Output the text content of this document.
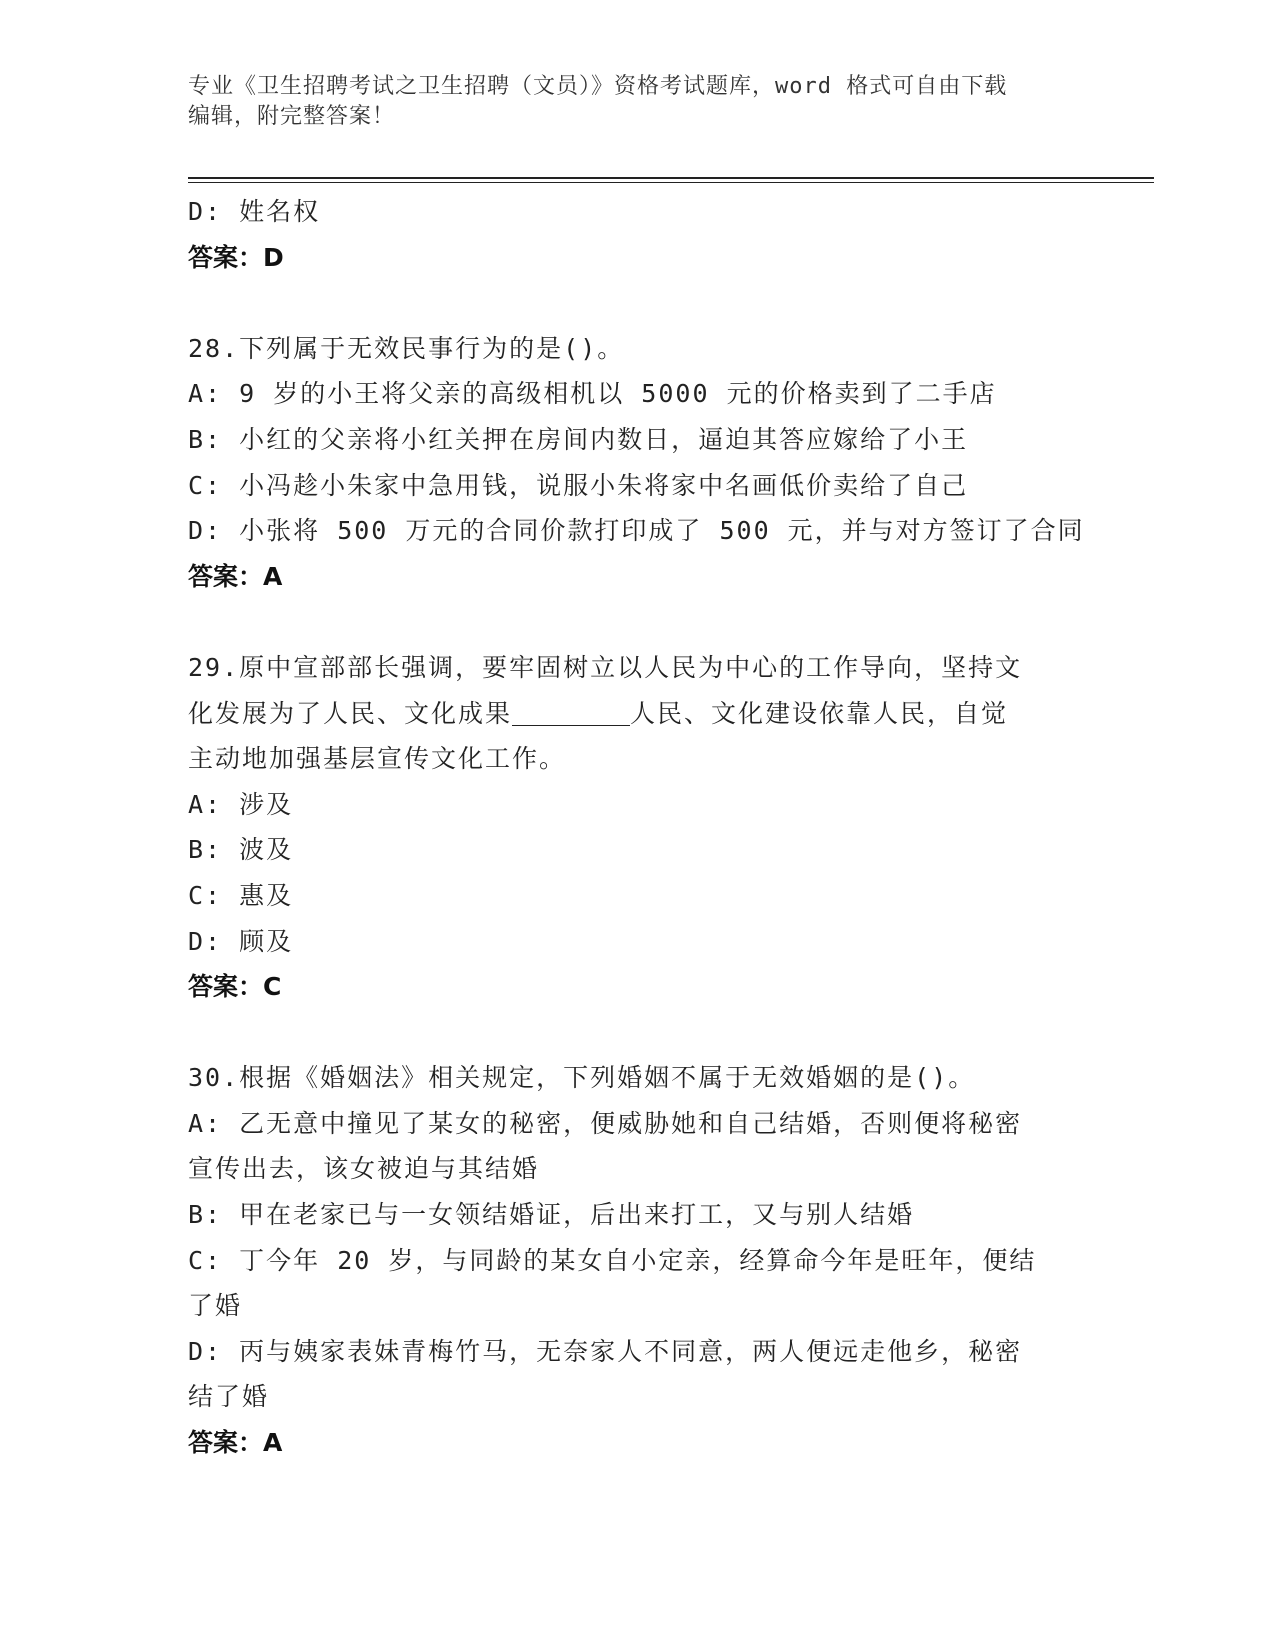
专业《卫生招聘考试之卫生招聘（文员）》资格考试题库，word 格式可自由下载
编辑，附完整答案！
D: 姓名权
答案：D
28.下列属于无效民事行为的是()。
A: 9 岁的小王将父亲的高级相机以 5000 元的价格卖到了二手店
B: 小红的父亲将小红关押在房间内数日，逼迫其答应嫁给了小王
C: 小冯趁小朱家中急用钱，说服小朱将家中名画低价卖给了自己
D: 小张将 500 万元的合同价款打印成了 500 元，并与对方签订了合同
答案：A
29.原中宣部部长强调，要牢固树立以人民为中心的工作导向，坚持文
化发展为了人民、文化成果	人民、文化建设依靠人民，自觉
主动地加强基层宣传文化工作。
A: 涉及
B: 波及
C: 惠及
D: 顾及
答案：C
30.根据《婚姻法》相关规定，下列婚姻不属于无效婚姻的是()。
A: 乙无意中撞见了某女的秘密，便威胁她和自己结婚，否则便将秘密
宣传出去，该女被迫与其结婚
B: 甲在老家已与一女领结婚证，后出来打工，又与别人结婚
C: 丁今年 20 岁，与同龄的某女自小定亲，经算命今年是旺年，便结
了婚
D: 丙与姨家表妹青梅竹马，无奈家人不同意，两人便远走他乡，秘密
结了婚
答案：A
